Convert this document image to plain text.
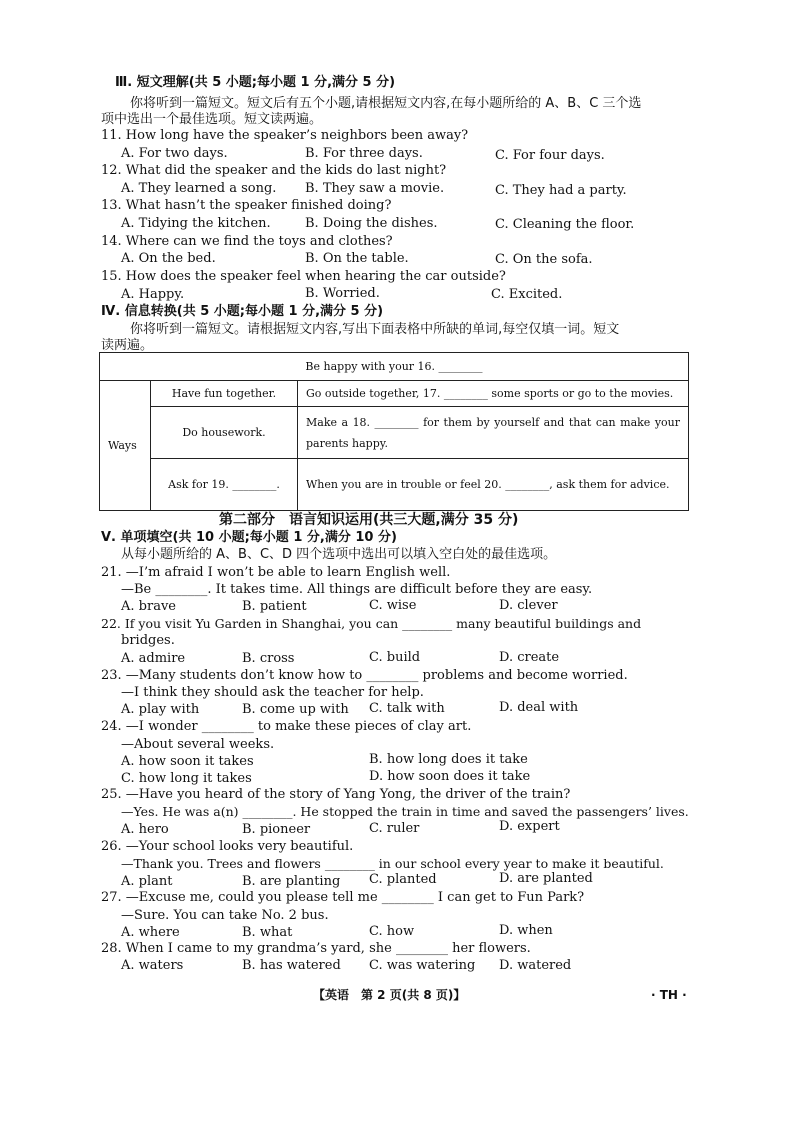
Ⅲ. 短文理解(共 5 小题;每小题 1 分,满分 5 分)
你将听到一篇短文。短文后有五个小题,请根据短文内容,在每小题所给的 A、B、C 三个选
项中选出一个最佳选项。短文读两遍。
11. How long have the speaker’s neighbors been away?
A. For two days.	B. For three days.	C. For four days.
12. What did the speaker and the kids do last night?
A. They learned a song. B. They saw a movie.	C. They had a party.
13. What hasn’t the speaker finished doing?
A. Tidying the kitchen.	B. Doing the dishes.	C. Cleaning the floor.
14. Where can we find the toys and clothes?
A. On the bed.	B. On the table.	C. On the sofa.
15. How does the speaker feel when hearing the car outside?
A. Happy.	B. Worried.	C. Excited.
Ⅳ. 信息转换(共 5 小题;每小题 1 分,满分 5 分)
你将听到一篇短文。请根据短文内容,写出下面表格中所缺的单词,每空仅填一词。短文
读两遍。
Be happy with your 16. ________		
Ways	Have fun together.	Go outside together, 17. ________ some sports or go to the movies.
	Do housework.	Make a 18. ________ for them by yourself and that can make your parents happy.
	Ask for 19. ________.	When you are in trouble or feel 20. ________, ask them for advice.
第二部分　语言知识运用(共三大题,满分 35 分)
Ⅴ. 单项填空(共 10 小题;每小题 1 分,满分 10 分)
从每小题所给的 A、B、C、D 四个选项中选出可以填入空白处的最佳选项。
21. —I’m afraid I won’t be able to learn English well.
—Be ________. It takes time. All things are difficult before they are easy.
A. brave	B. patient	C. wise	D. clever
22. If you visit Yu Garden in Shanghai, you can ________ many beautiful buildings and
bridges.
A. admire	B. cross	C. build	D. create
23. —Many students don’t know how to ________ problems and become worried.
—I think they should ask the teacher for help.
A. play with	B. come up with C. talk with	D. deal with
24. —I wonder ________ to make these pieces of clay art.
—About several weeks.
A. how soon it takes	B. how long does it take
C. how long it takes	D. how soon does it take
25. —Have you heard of the story of Yang Yong, the driver of the train?
—Yes. He was a(n) ________. He stopped the train in time and saved the passengers’ lives.
A. hero	B. pioneer	C. ruler	D. expert
26. —Your school looks very beautiful.
—Thank you. Trees and flowers ________ in our school every year to make it beautiful.
A. plant	B. are planting C. planted	D. are planted
27. —Excuse me, could you please tell me ________ I can get to Fun Park?
—Sure. You can take No. 2 bus.
A. where	B. what	C. how	D. when
28. When I came to my grandma’s yard, she ________ her flowers.
A. waters	B. has watered C. was watering D. watered
【英语　第 2 页(共 8 页)】	· TH ·
